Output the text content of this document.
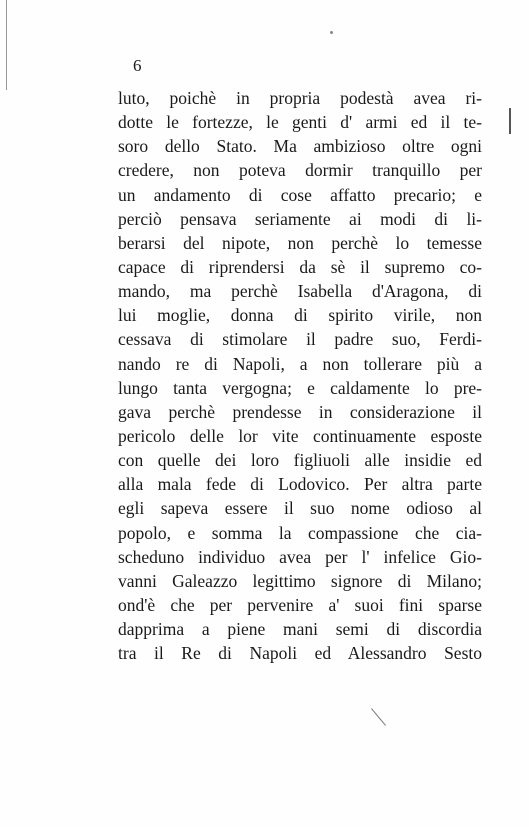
6
luto, poichè in propria podestà avea ri-
dotte le fortezze, le genti d' armi ed il te-
soro dello Stato. Ma ambizioso oltre ogni
credere, non poteva dormir tranquillo per
un andamento di cose affatto precario; e
perciò pensava seriamente ai modi di li-
berarsi del nipote, non perchè lo temesse
capace di riprendersi da sè il supremo co-
mando, ma perchè Isabella d'Aragona, di
lui moglie, donna di spirito virile, non
cessava di stimolare il padre suo, Ferdi-
nando re di Napoli, a non tollerare più a
lungo tanta vergogna; e caldamente lo pre-
gava perchè prendesse in considerazione il
pericolo delle lor vite continuamente esposte
con quelle dei loro figliuoli alle insidie ed
alla mala fede di Lodovico. Per altra parte
egli sapeva essere il suo nome odioso al
popolo, e somma la compassione che cia-
scheduno individuo avea per l' infelice Gio-
vanni Galeazzo legittimo signore di Milano;
ond'è che per pervenire a' suoi fini sparse
dapprima a piene mani semi di discordia
tra il Re di Napoli ed Alessandro Sesto
